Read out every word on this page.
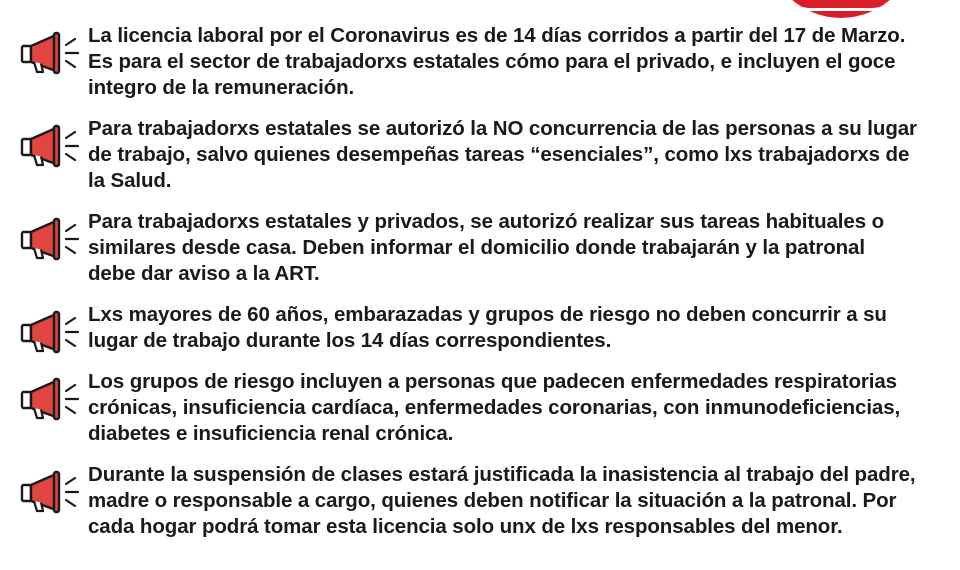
La licencia laboral por el Coronavirus es de 14 días corridos a partir del 17 de Marzo.
Es para el sector de trabajadorxs estatales cómo para el privado, e incluyen el goce
integro de la remuneración.
Para trabajadorxs estatales se autorizó la NO concurrencia de las personas a su lugar
de trabajo, salvo quienes desempeñas tareas “esenciales”, como lxs trabajadorxs de
la Salud.
Para trabajadorxs estatales y privados, se autorizó realizar sus tareas habituales o
similares desde casa. Deben informar el domicilio donde trabajarán y la patronal
debe dar aviso a la ART.
Lxs mayores de 60 años, embarazadas y grupos de riesgo no deben concurrir a su
lugar de trabajo durante los 14 días correspondientes.
Los grupos de riesgo incluyen a personas que padecen enfermedades respiratorias
crónicas, insuficiencia cardíaca, enfermedades coronarias, con inmunodeficiencias,
diabetes e insuficiencia renal crónica.
Durante la suspensión de clases estará justificada la inasistencia al trabajo del padre,
madre o responsable a cargo, quienes deben notificar la situación a la patronal. Por
cada hogar podrá tomar esta licencia solo unx de lxs responsables del menor.
